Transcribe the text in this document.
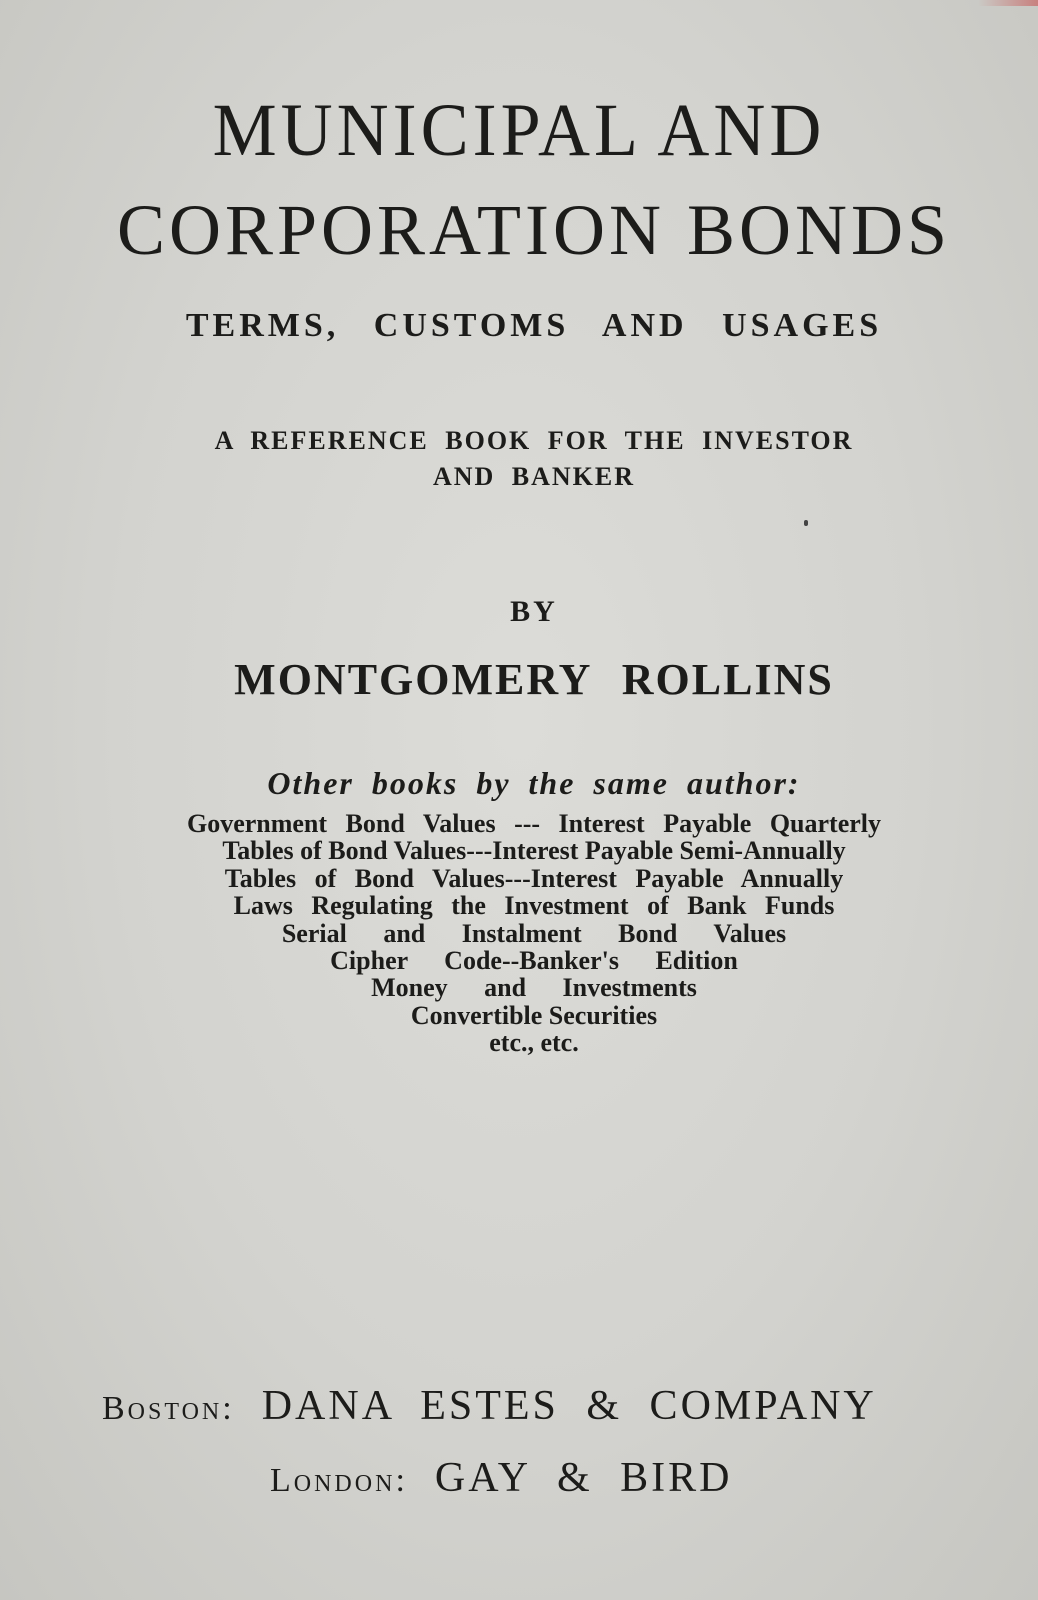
MUNICIPAL AND
CORPORATION BONDS

TERMS, CUSTOMS AND USAGES

A REFERENCE BOOK FOR THE INVESTOR

AND BANKER

BY

MONTGOMERY ROLLINS

Other books by the same author:

Government Bond Values --- Interest Payable Quarterly
Tables of Bond Values---Interest Payable Semi-Annually
Tables of Bond Values---Interest Payable Annually
Laws Regulating the Investment of Bank Funds
Serial and Instalment Bond Values
Cipher Code--Banker's Edition
Money and Investments
Convertible Securities
etc., etc.

Boston: DANA ESTES & COMPANY

London: GAY & BIRD
